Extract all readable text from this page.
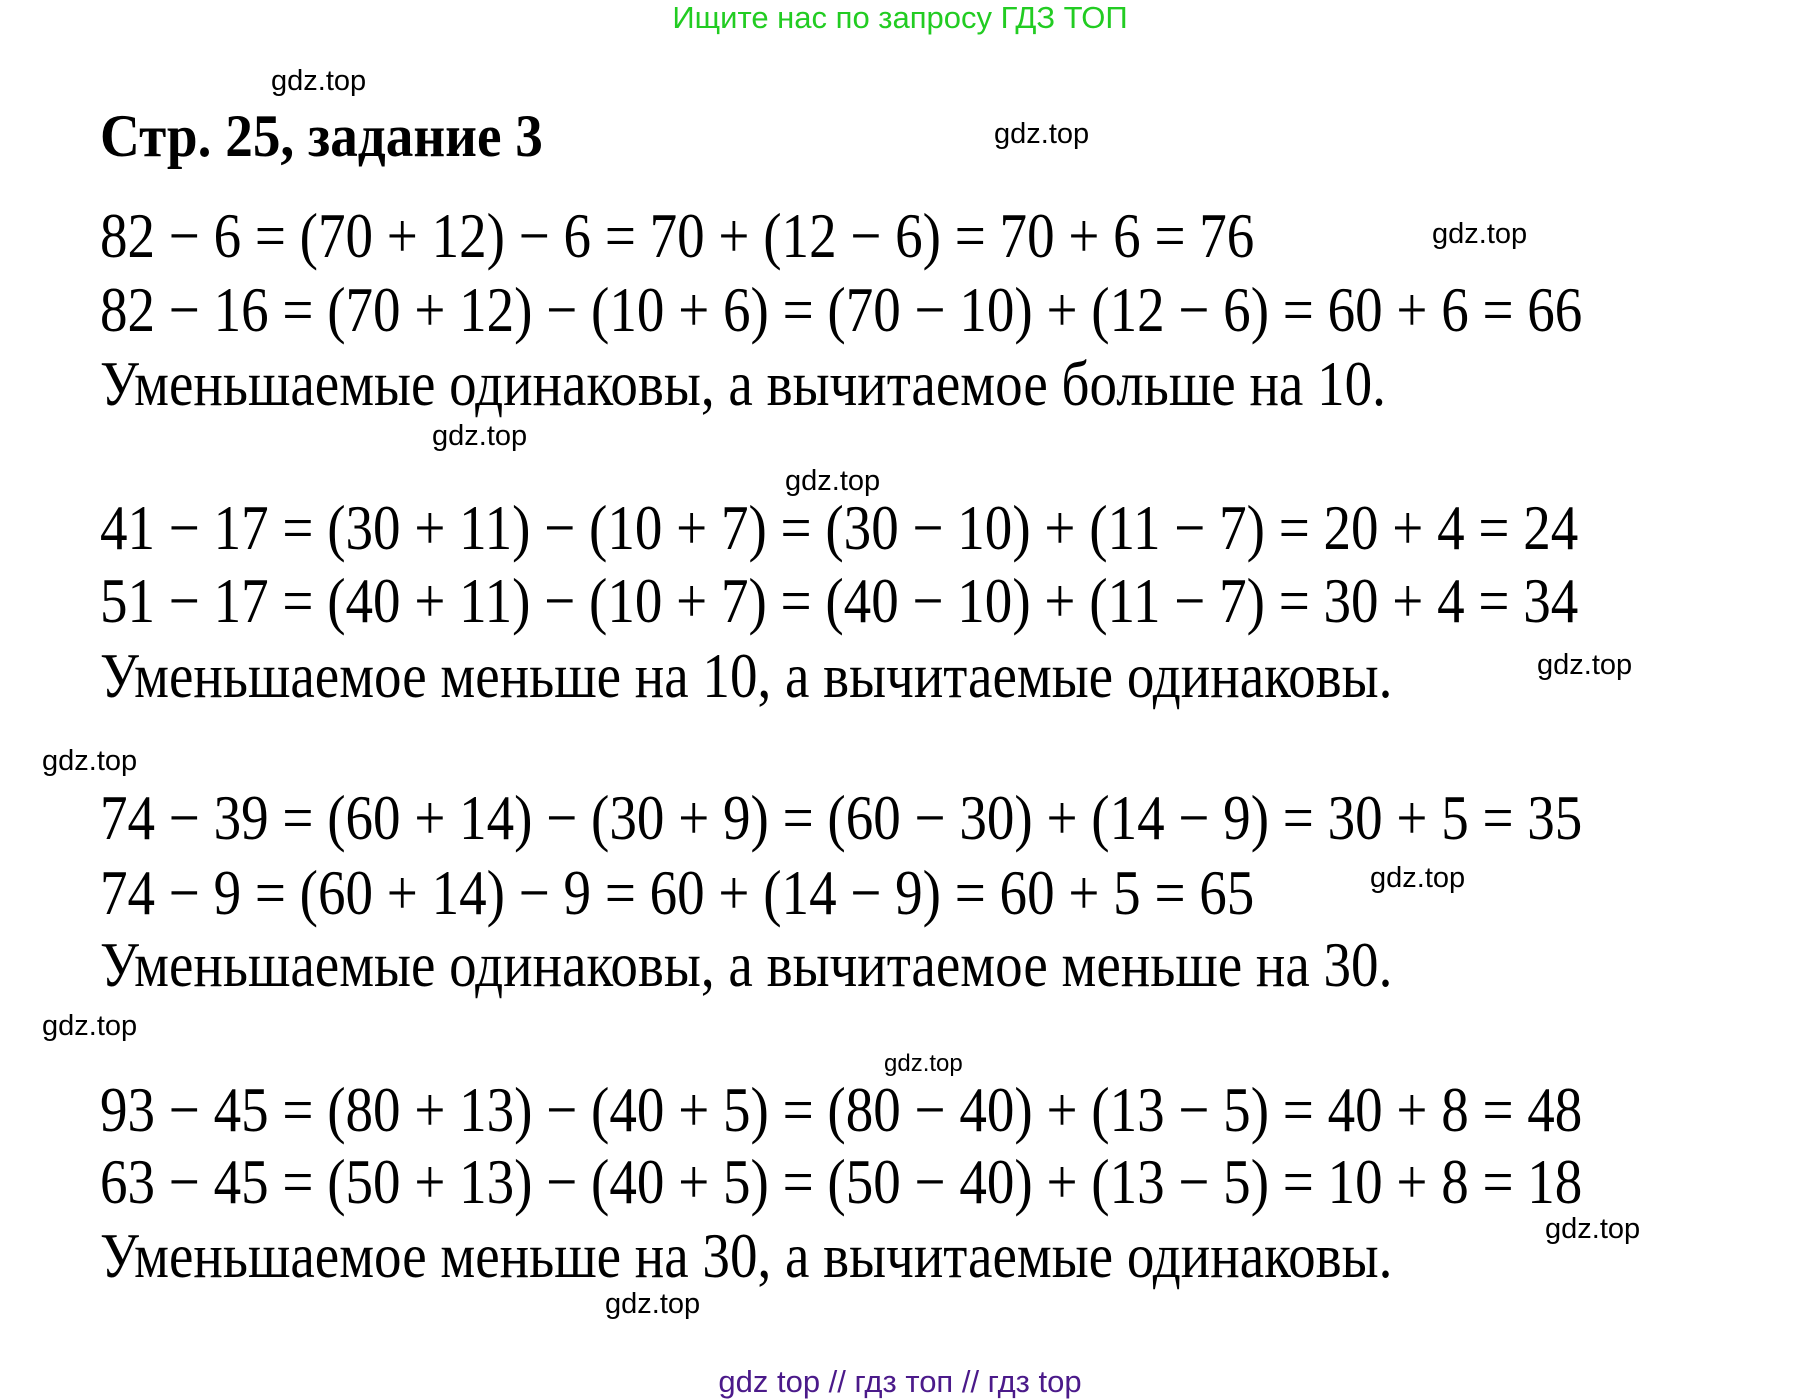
Ищите нас по запросу ГДЗ ТОП
Стр. 25, задание 3
82 − 6 = (70 + 12) − 6 = 70 + (12 − 6) = 70 + 6 = 76
82 − 16 = (70 + 12) − (10 + 6) = (70 − 10) + (12 − 6) = 60 + 6 = 66
Уменьшаемые одинаковы, а вычитаемое больше на 10.
41 − 17 = (30 + 11) − (10 + 7) = (30 − 10) + (11 − 7) = 20 + 4 = 24
51 − 17 = (40 + 11) − (10 + 7) = (40 − 10) + (11 − 7) = 30 + 4 = 34
Уменьшаемое меньше на 10, а вычитаемые одинаковы.
74 − 39 = (60 + 14) − (30 + 9) = (60 − 30) + (14 − 9) = 30 + 5 = 35
74 − 9 = (60 + 14) − 9 = 60 + (14 − 9) = 60 + 5 = 65
Уменьшаемые одинаковы, а вычитаемое меньше на 30.
93 − 45 = (80 + 13) − (40 + 5) = (80 − 40) + (13 − 5) = 40 + 8 = 48
63 − 45 = (50 + 13) − (40 + 5) = (50 − 40) + (13 − 5) = 10 + 8 = 18
Уменьшаемое меньше на 30, а вычитаемые одинаковы.
gdz.top
gdz.top
gdz.top
gdz.top
gdz.top
gdz.top
gdz.top
gdz.top
gdz.top
gdz.top
gdz.top
gdz.top
gdz top // гдз топ // гдз top
